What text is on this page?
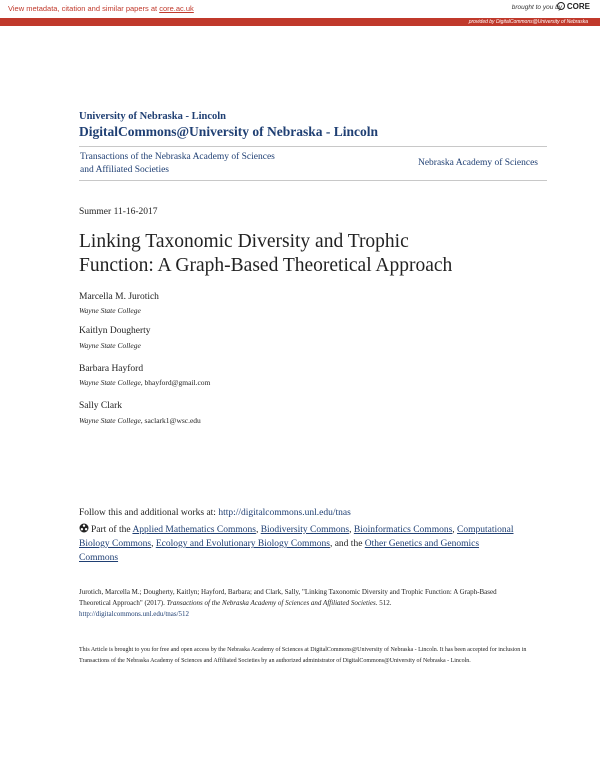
View metadata, citation and similar papers at core.ac.uk	brought to you by CORE
provided by DigitalCommons@University of Nebraska
University of Nebraska - Lincoln
DigitalCommons@University of Nebraska - Lincoln
Transactions of the Nebraska Academy of Sciences
and Affiliated Societies
Nebraska Academy of Sciences
Summer 11-16-2017
Linking Taxonomic Diversity and Trophic
Function: A Graph-Based Theoretical Approach
Marcella M. Jurotich
Wayne State College
Kaitlyn Dougherty
Wayne State College
Barbara Hayford
Wayne State College, bhayford@gmail.com
Sally Clark
Wayne State College, saclark1@wsc.edu
Follow this and additional works at: http://digitalcommons.unl.edu/tnas
Part of the Applied Mathematics Commons, Biodiversity Commons, Bioinformatics Commons, Computational Biology Commons, Ecology and Evolutionary Biology Commons, and the Other Genetics and Genomics Commons
Jurotich, Marcella M.; Dougherty, Kaitlyn; Hayford, Barbara; and Clark, Sally, "Linking Taxonomic Diversity and Trophic Function: A Graph-Based Theoretical Approach" (2017). Transactions of the Nebraska Academy of Sciences and Affiliated Societies. 512.
http://digitalcommons.unl.edu/tnas/512
This Article is brought to you for free and open access by the Nebraska Academy of Sciences at DigitalCommons@University of Nebraska - Lincoln. It has been accepted for inclusion in Transactions of the Nebraska Academy of Sciences and Affiliated Societies by an authorized administrator of DigitalCommons@University of Nebraska - Lincoln.
